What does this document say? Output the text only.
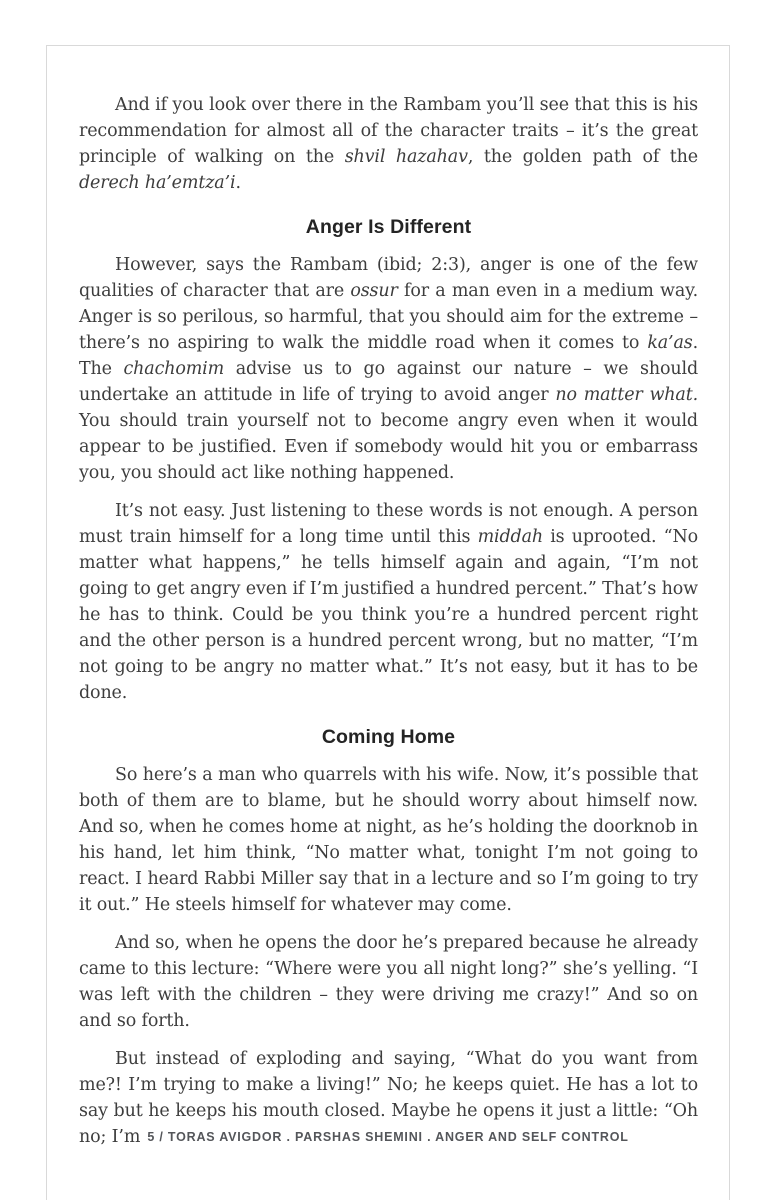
And if you look over there in the Rambam you’ll see that this is his recommendation for almost all of the character traits – it’s the great principle of walking on the shvil hazahav, the golden path of the derech ha’emtza’i.

Anger Is Different

However, says the Rambam (ibid; 2:3), anger is one of the few qualities of character that are ossur for a man even in a medium way. Anger is so perilous, so harmful, that you should aim for the extreme – there’s no aspiring to walk the middle road when it comes to ka’as. The chachomim advise us to go against our nature – we should undertake an attitude in life of trying to avoid anger no matter what. You should train yourself not to become angry even when it would appear to be justified. Even if somebody would hit you or embarrass you, you should act like nothing happened.

It’s not easy. Just listening to these words is not enough. A person must train himself for a long time until this middah is uprooted. “No matter what happens,” he tells himself again and again, “I’m not going to get angry even if I’m justified a hundred percent.” That’s how he has to think. Could be you think you’re a hundred percent right and the other person is a hundred percent wrong, but no matter, “I’m not going to be angry no matter what.” It’s not easy, but it has to be done.

Coming Home

So here’s a man who quarrels with his wife. Now, it’s possible that both of them are to blame, but he should worry about himself now. And so, when he comes home at night, as he’s holding the doorknob in his hand, let him think, “No matter what, tonight I’m not going to react. I heard Rabbi Miller say that in a lecture and so I’m going to try it out.” He steels himself for whatever may come.

And so, when he opens the door he’s prepared because he already came to this lecture: “Where were you all night long?” she’s yelling. “I was left with the children – they were driving me crazy!” And so on and so forth.

But instead of exploding and saying, “What do you want from me?! I’m trying to make a living!” No; he keeps quiet. He has a lot to say but he keeps his mouth closed. Maybe he opens it just a little: “Oh no; I’m 5 / TORAS AVIGDOR . PARSHAS SHEMINI . ANGER AND SELF CONTROL
